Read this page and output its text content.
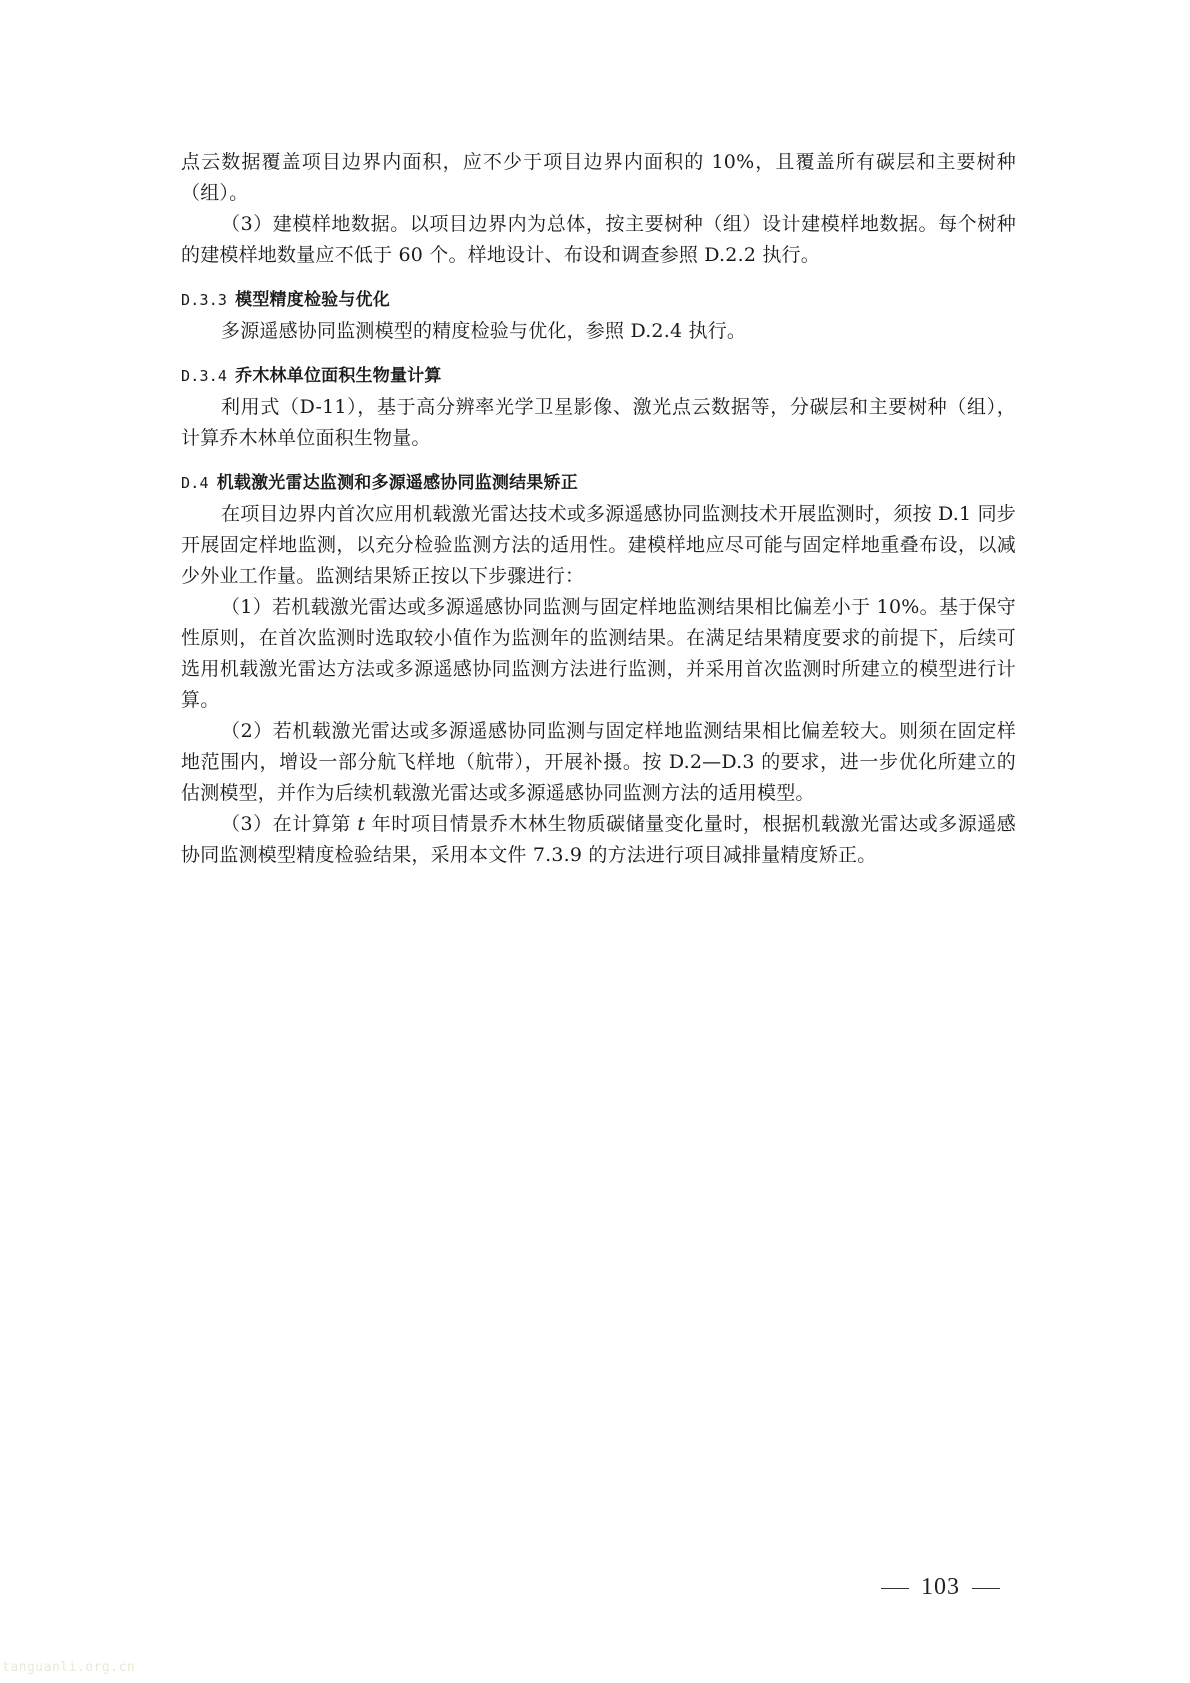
点云数据覆盖项目边界内面积，应不少于项目边界内面积的 10%，且覆盖所有碳层和主要树种（组）。

（3）建模样地数据。以项目边界内为总体，按主要树种（组）设计建模样地数据。每个树种的建模样地数量应不低于 60 个。样地设计、布设和调查参照 D.2.2 执行。

D.3.3 模型精度检验与优化

多源遥感协同监测模型的精度检验与优化，参照 D.2.4 执行。

D.3.4 乔木林单位面积生物量计算

利用式（D-11），基于高分辨率光学卫星影像、激光点云数据等，分碳层和主要树种（组），计算乔木林单位面积生物量。

D.4 机载激光雷达监测和多源遥感协同监测结果矫正

在项目边界内首次应用机载激光雷达技术或多源遥感协同监测技术开展监测时，须按 D.1 同步开展固定样地监测，以充分检验监测方法的适用性。建模样地应尽可能与固定样地重叠布设，以减少外业工作量。监测结果矫正按以下步骤进行：

（1）若机载激光雷达或多源遥感协同监测与固定样地监测结果相比偏差小于 10%。基于保守性原则，在首次监测时选取较小值作为监测年的监测结果。在满足结果精度要求的前提下，后续可选用机载激光雷达方法或多源遥感协同监测方法进行监测，并采用首次监测时所建立的模型进行计算。

（2）若机载激光雷达或多源遥感协同监测与固定样地监测结果相比偏差较大。则须在固定样地范围内，增设一部分航飞样地（航带），开展补摄。按 D.2—D.3 的要求，进一步优化所建立的估测模型，并作为后续机载激光雷达或多源遥感协同监测方法的适用模型。

（3）在计算第 t 年时项目情景乔木林生物质碳储量变化量时，根据机载激光雷达或多源遥感协同监测模型精度检验结果，采用本文件 7.3.9 的方法进行项目减排量精度矫正。

103
tanguanli.org.cn
